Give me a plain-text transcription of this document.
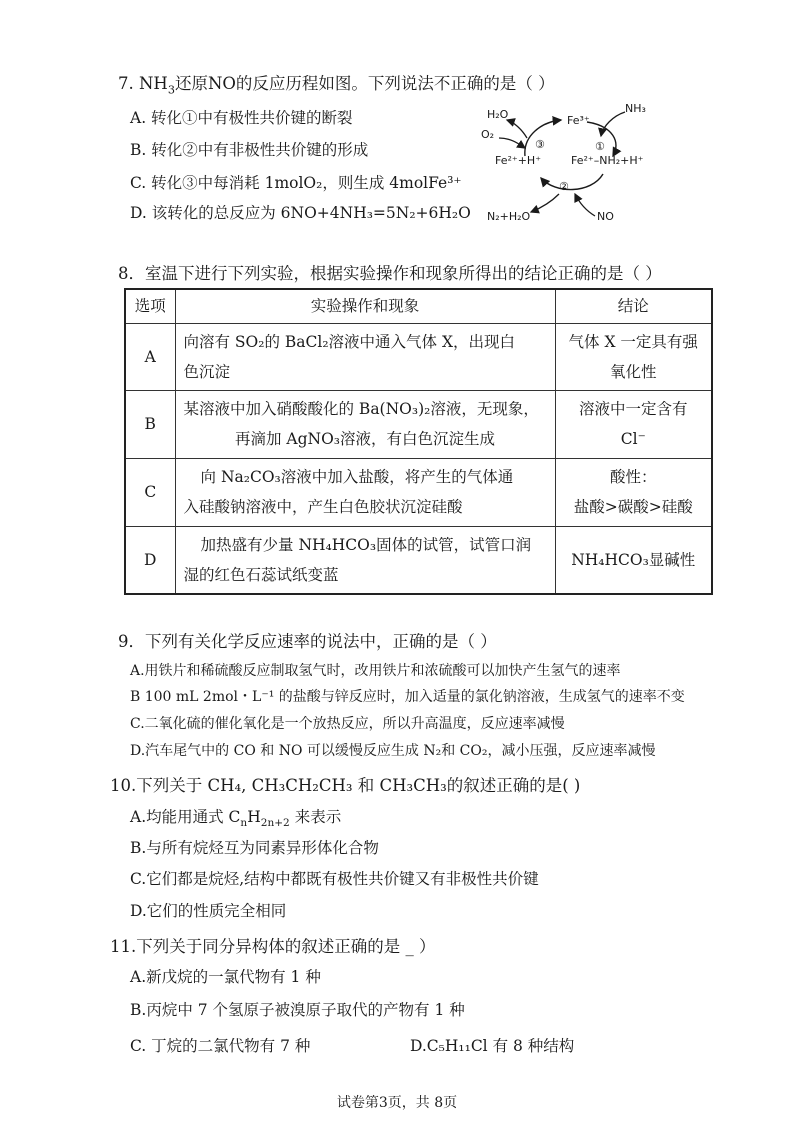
7. $NH_3$还原NO的反应历程如图。下列说法不正确的是（ ）
A. 转化①中有极性共价键的断裂
B. 转化②中有非极性共价键的形成
C. 转化③中每消耗 1molO₂，则生成 4molFe³⁺
D. 该转化的总反应为 6NO+4NH₃=5N₂+6H₂O
H₂O
O₂
Fe³⁺
NH₃
③	①
Fe²⁺+H⁺	Fe²⁺–NH₂+H⁺
②
N₂+H₂O	NO
8．室温下进行下列实验，根据实验操作和现象所得出的结论正确的是（ ）
选项	实验操作和现象	结论
A	向溶有 SO₂的 BaCl₂溶液中通入气体 X，出现白
色沉淀	气体 X 一定具有强
氧化性

B	某溶液中加入硝酸酸化的 Ba(NO₃)₂溶液，无现象，
再滴加 AgNO₃溶液，有白色沉淀生成	溶液中一定含有
Cl⁻

C	向 Na₂CO₃溶液中加入盐酸，将产生的气体通
入硅酸钠溶液中，产生白色胶状沉淀硅酸	酸性：
盐酸>碳酸>硅酸

D	加热盛有少量 NH₄HCO₃固体的试管，试管口润
湿的红色石蕊试纸变蓝	NH₄HCO₃显碱性
9．下列有关化学反应速率的说法中，正确的是（ ）
A.用铁片和稀硫酸反应制取氢气时，改用铁片和浓硫酸可以加快产生氢气的速率
B 100 mL 2mol・L⁻¹ 的盐酸与锌反应时，加入适量的氯化钠溶液，生成氢气的速率不变
C.二氧化硫的催化氧化是一个放热反应，所以升高温度，反应速率减慢
D.汽车尾气中的 CO 和 NO 可以缓慢反应生成 N₂和 CO₂，减小压强，反应速率减慢
10.下列关于 CH₄, CH₃CH₂CH₃ 和 CH₃CH₃的叙述正确的是( )
A.均能用通式 $C_nH_{2n+2}$ 来表示
B.与所有烷烃互为同素异形体化合物
C.它们都是烷烃,结构中都既有极性共价键又有非极性共价键
D.它们的性质完全相同
11.下列关于同分异构体的叙述正确的是 _ ）
A.新戊烷的一氯代物有 1 种
B.丙烷中 7 个氢原子被溴原子取代的产物有 1 种
C. 丁烷的二氯代物有 7 种	D.C₅H₁₁Cl 有 8 种结构
试卷第3页，共 8页
